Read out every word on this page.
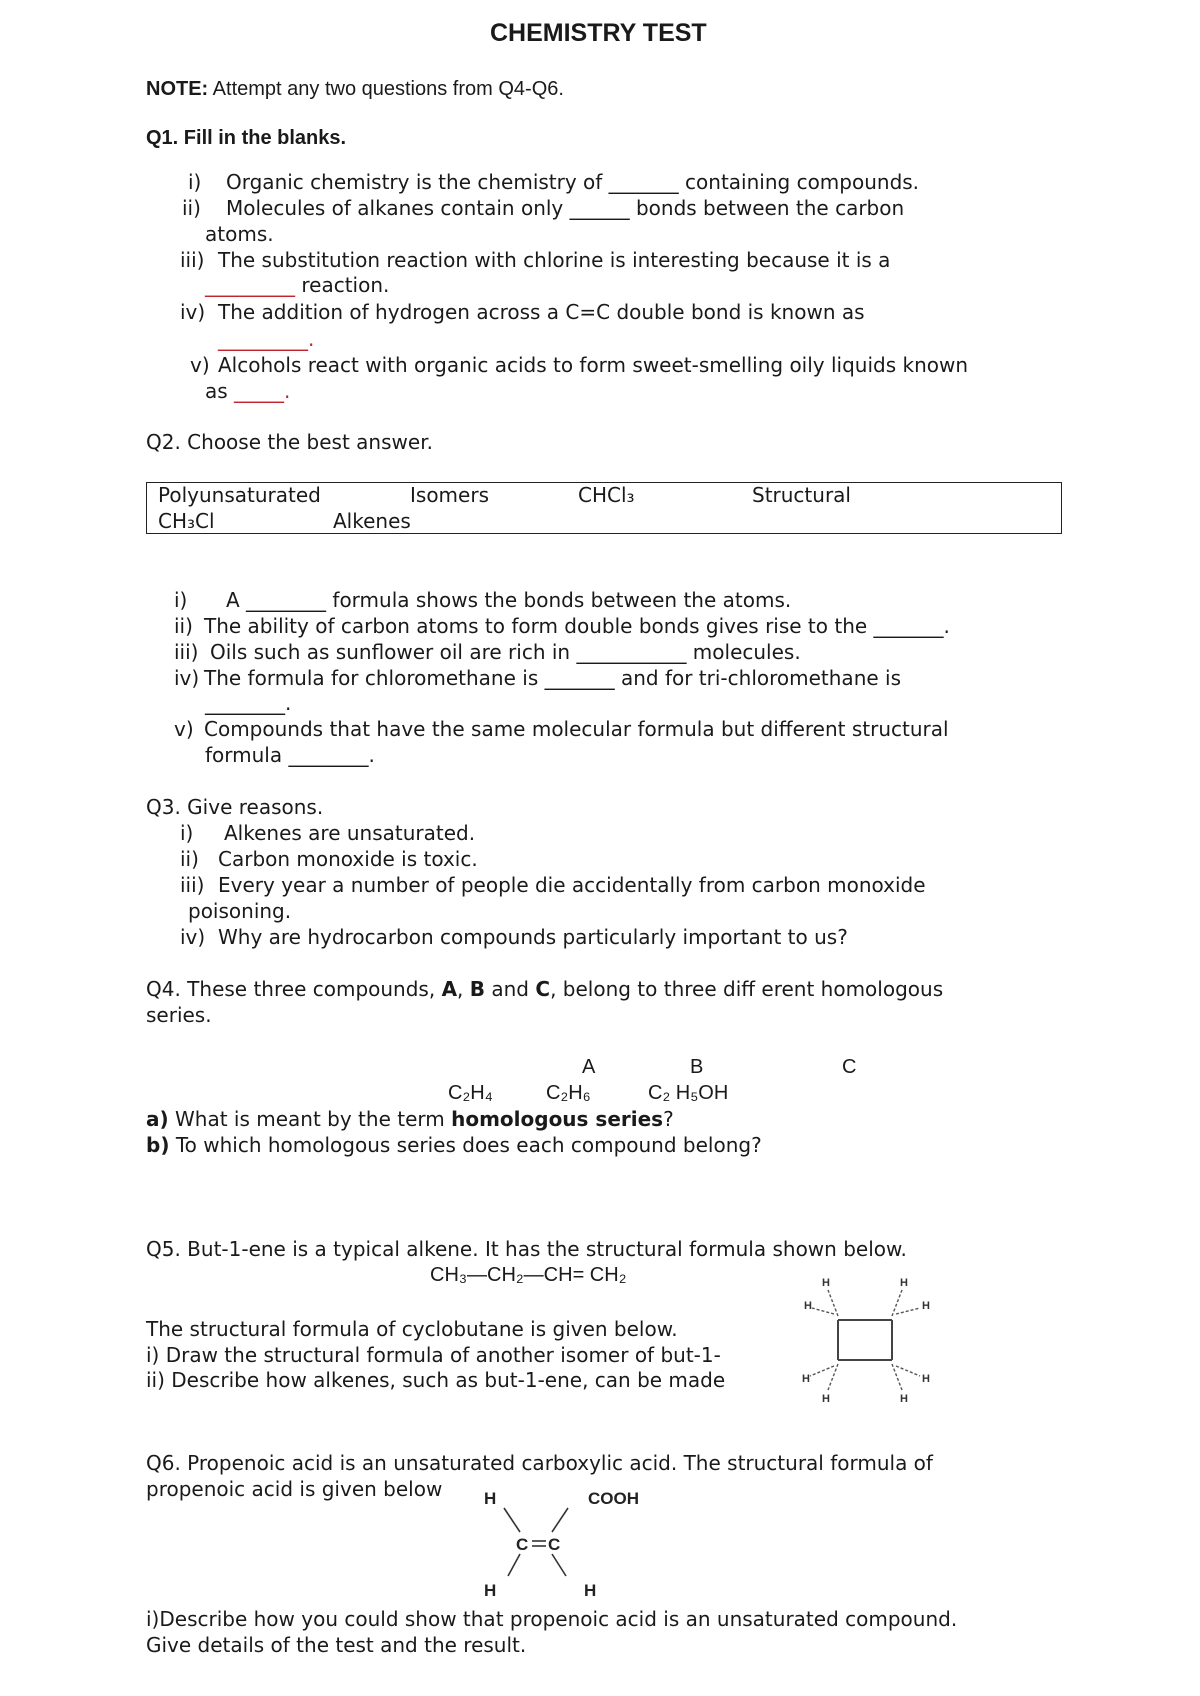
CHEMISTRY TEST
NOTE: Attempt any two questions from Q4-Q6.
Q1. Fill in the blanks.
i) Organic chemistry is the chemistry of _______ containing compounds.
ii) Molecules of alkanes contain only ______ bonds between the carbon
atoms.
iii) The substitution reaction with chlorine is interesting because it is a
_________ reaction.
iv) The addition of hydrogen across a C=C double bond is known as
_________.
v) Alcohols react with organic acids to form sweet-smelling oily liquids known
as _____.
Q2. Choose the best answer.
Polyunsaturated	Isomers	CHCl₃	Structural
CH₃Cl	Alkenes
i) A ________ formula shows the bonds between the atoms.
ii) The ability of carbon atoms to form double bonds gives rise to the _______.
iii) Oils such as sunflower oil are rich in ___________ molecules.
iv) The formula for chloromethane is _______ and for tri-chloromethane is
________.
v) Compounds that have the same molecular formula but different structural
formula ________.
Q3. Give reasons.
i) Alkenes are unsaturated.
ii) Carbon monoxide is toxic.
iii) Every year a number of people die accidentally from carbon monoxide
poisoning.
iv) Why are hydrocarbon compounds particularly important to us?
Q4. These three compounds, A, B and C, belong to three diff erent homologous
series.
A	B	C
C₂H₄	C₂H₆	C₂ H₅OH
a) What is meant by the term homologous series?
b) To which homologous series does each compound belong?
Q5. But-1-ene is a typical alkene. It has the structural formula shown below.
CH₃—CH₂—CH= CH₂
The structural formula of cyclobutane is given below.
i) Draw the structural formula of another isomer of but-1-
ii) Describe how alkenes, such as but-1-ene, can be made
H
H
H
H
H
H
H
H
Q6. Propenoic acid is an unsaturated carboxylic acid. The structural formula of
propenoic acid is given below H	COOH
C C
H	H
i)Describe how you could show that propenoic acid is an unsaturated compound.
Give details of the test and the result.
